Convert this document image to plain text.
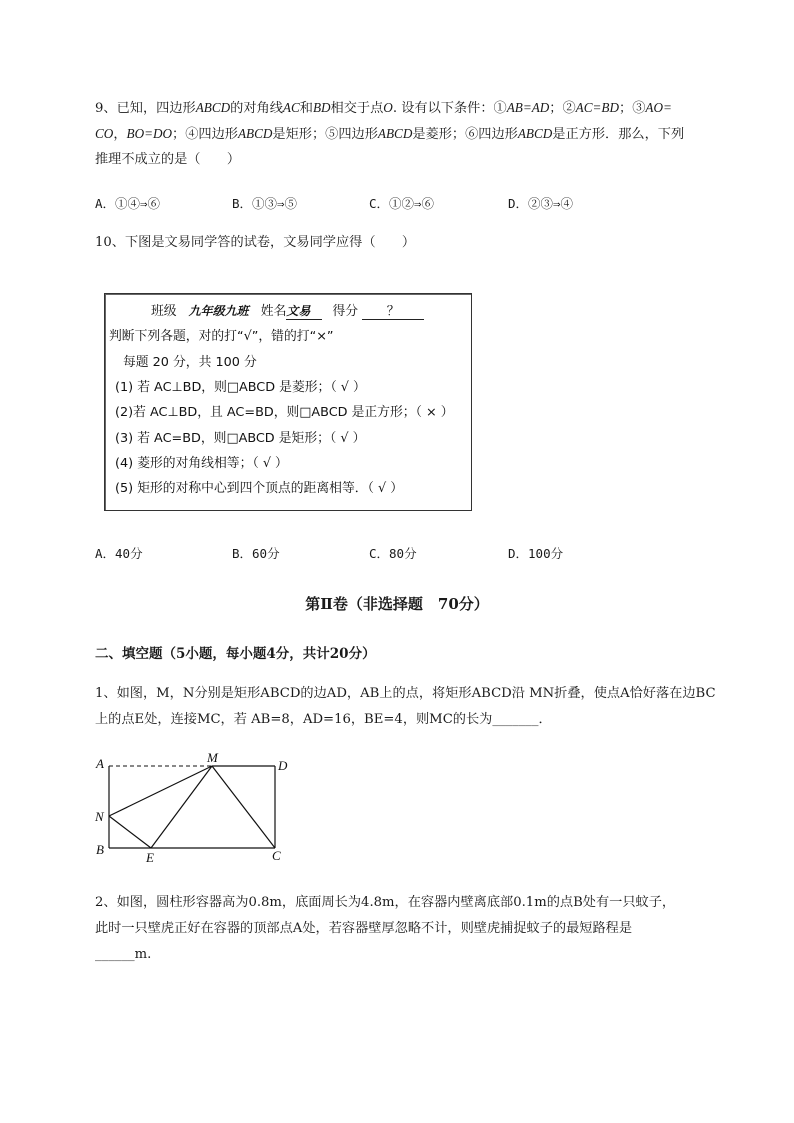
9、已知，四边形ABCD的对角线AC和BD相交于点O. 设有以下条件：①AB=AD；②AC=BD；③AO=
CO，BO=DO；④四边形ABCD是矩形；⑤四边形ABCD是菱形；⑥四边形ABCD是正方形．那么，下列
推理不成立的是（　　）
A．①④⇒⑥	B．①③⇒⑤	C．①②⇒⑥	D．②③⇒④
10、下图是文易同学答的试卷，文易同学应得（　　）
班级 九年级九班 姓名文易 得分 ？
判断下列各题，对的打“√”，错的打“×”
每题 20 分，共 100 分
(1) 若 AC⊥BD，则□ABCD 是菱形；（ √ ）
(2)若 AC⊥BD，且 AC=BD，则□ABCD 是正方形；（ × ）
(3) 若 AC=BD，则□ABCD 是矩形；（ √ ）
(4) 菱形的对角线相等；（ √ ）
(5) 矩形的对称中心到四个顶点的距离相等．（ √ ）
A．40分	B．60分	C．80分	D．100分
第Ⅱ卷（非选择题　70分）
二、填空题（5小题，每小题4分，共计20分）
1、如图，M，N分别是矩形ABCD的边AD，AB上的点，将矩形ABCD沿 MN折叠，使点A恰好落在边BC
上的点E处，连接MC，若 AB=8，AD=16，BE=4，则MC的长为_______．
A	M
D
N
B
E	C
2、如图，圆柱形容器高为0.8m，底面周长为4.8m，在容器内壁离底部0.1m的点B处有一只蚊子，
此时一只壁虎正好在容器的顶部点A处，若容器壁厚忽略不计，则壁虎捕捉蚊子的最短路程是
______m.
